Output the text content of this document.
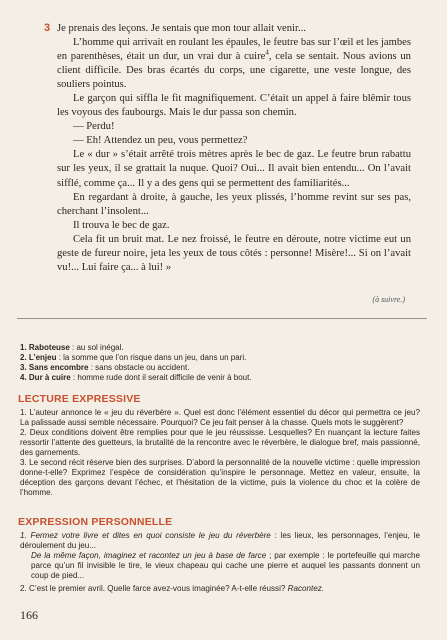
3 Je prenais des leçons. Je sentais que mon tour allait venir...

L’homme qui arrivait en roulant les épaules, le feutre bas sur l’œil et les jambes en parenthèses, était un dur, un vrai dur à cuire$^4$, cela se sentait. Nous avions un client difficile. Des bras écartés du corps, une cigarette, une veste longue, des souliers pointus.

Le garçon qui siffla le fit magnifiquement. C’était un appel à faire blêmir tous les voyous des faubourgs. Mais le dur passa son chemin.

— Perdu!

— Eh! Attendez un peu, vous permettez?

Le « dur » s’était arrêté trois mètres après le bec de gaz. Le feutre brun rabattu sur les yeux, il se grattait la nuque. Quoi? Oui... Il avait bien entendu... On l’avait sifflé, comme ça... Il y a des gens qui se permettent des familiarités...

En regardant à droite, à gauche, les yeux plissés, l’homme revint sur ses pas, cherchant l’insolent...

Il trouva le bec de gaz.

Cela fit un bruit mat. Le nez froissé, le feutre en déroute, notre victime eut un geste de fureur noire, jeta les yeux de tous côtés : personne! Misère!... Si on l’avait vu!... Lui faire ça... à lui! »

(à suivre.)
1. Raboteuse : au sol inégal.
2. L’enjeu : la somme que l’on risque dans un jeu, dans un pari.
3. Sans encombre : sans obstacle ou accident.
4. Dur à cuire : homme rude dont il serait difficile de venir à bout.
LECTURE EXPRESSIVE

1. L’auteur annonce le « jeu du réverbère ». Quel est donc l’élément essentiel du décor qui permettra ce jeu? La palissade aussi semble nécessaire. Pourquoi? Ce jeu fait penser à la chasse. Quels mots le suggèrent?

2. Deux conditions doivent être remplies pour que le jeu réussisse. Lesquelles? En nuançant la lecture faites ressortir l’attente des guetteurs, la brutalité de la rencontre avec le réverbère, le dialogue bref, mais passionné, des garnements.

3. Le second récit réserve bien des surprises. D’abord la personnalité de la nouvelle victime : quelle impression donne-t-elle? Exprimez l’espèce de considération qu’inspire le personnage. Mettez en valeur, ensuite, la déception des garçons devant l’échec, et l’hésitation de la victime, puis la violence du choc et la colère de l’homme.

EXPRESSION PERSONNELLE

1. Fermez votre livre et dites en quoi consiste le jeu du réverbère : les lieux, les personnages, l’enjeu, le déroulement du jeu...

De la même façon, imaginez et racontez un jeu à base de farce ; par exemple : le portefeuille qui marche parce qu’un fil invisible le tire, le vieux chapeau qui cache une pierre et auquel les passants donnent un coup de pied...

2. C’est le premier avril. Quelle farce avez-vous imaginée? A-t-elle réussi? Racontez.

166
